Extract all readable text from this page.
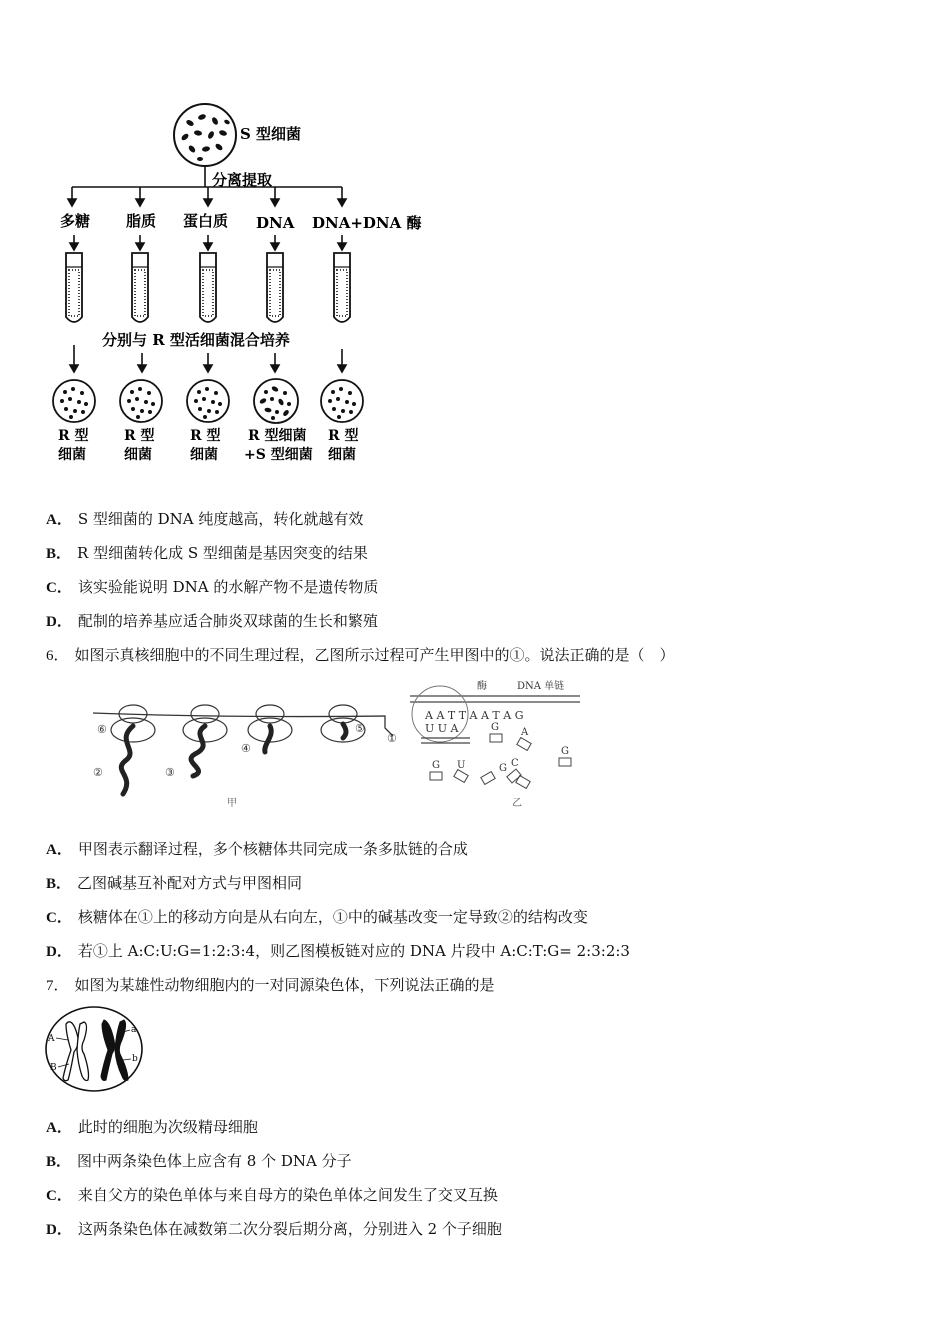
S 型细菌
分离提取
多糖 脂质 蛋白质 DNA DNA+DNA 酶
分别与 R 型活细菌混合培养
R 型
细菌
R 型
细菌
R 型
细菌
R 型细菌
+S 型细菌
R 型
细菌
A． S 型细菌的 DNA 纯度越高，转化就越有效
B． R 型细菌转化成 S 型细菌是基因突变的结果
C． 该实验能说明 DNA 的水解产物不是遗传物质
D． 配制的培养基应适合肺炎双球菌的生长和繁殖
6． 如图示真核细胞中的不同生理过程，乙图所示过程可产生甲图中的①。说法正确的是（　）
⑥
②	③
④
⑤
①
甲
酶	DNA 单链
A A T T A A T A G
U U A	G A
G
G U	G C
乙
A． 甲图表示翻译过程，多个核糖体共同完成一条多肽链的合成
B． 乙图碱基互补配对方式与甲图相同
C． 核糖体在①上的移动方向是从右向左，①中的碱基改变一定导致②的结构改变
D． 若①上 A:C:U:G=1:2:3:4，则乙图模板链对应的 DNA 片段中 A:C:T:G= 2:3:2:3
7． 如图为某雄性动物细胞内的一对同源染色体，下列说法正确的是
A
B
a
b
A． 此时的细胞为次级精母细胞
B． 图中两条染色体上应含有 8 个 DNA 分子
C． 来自父方的染色单体与来自母方的染色单体之间发生了交叉互换
D． 这两条染色体在减数第二次分裂后期分离，分别进入 2 个子细胞
